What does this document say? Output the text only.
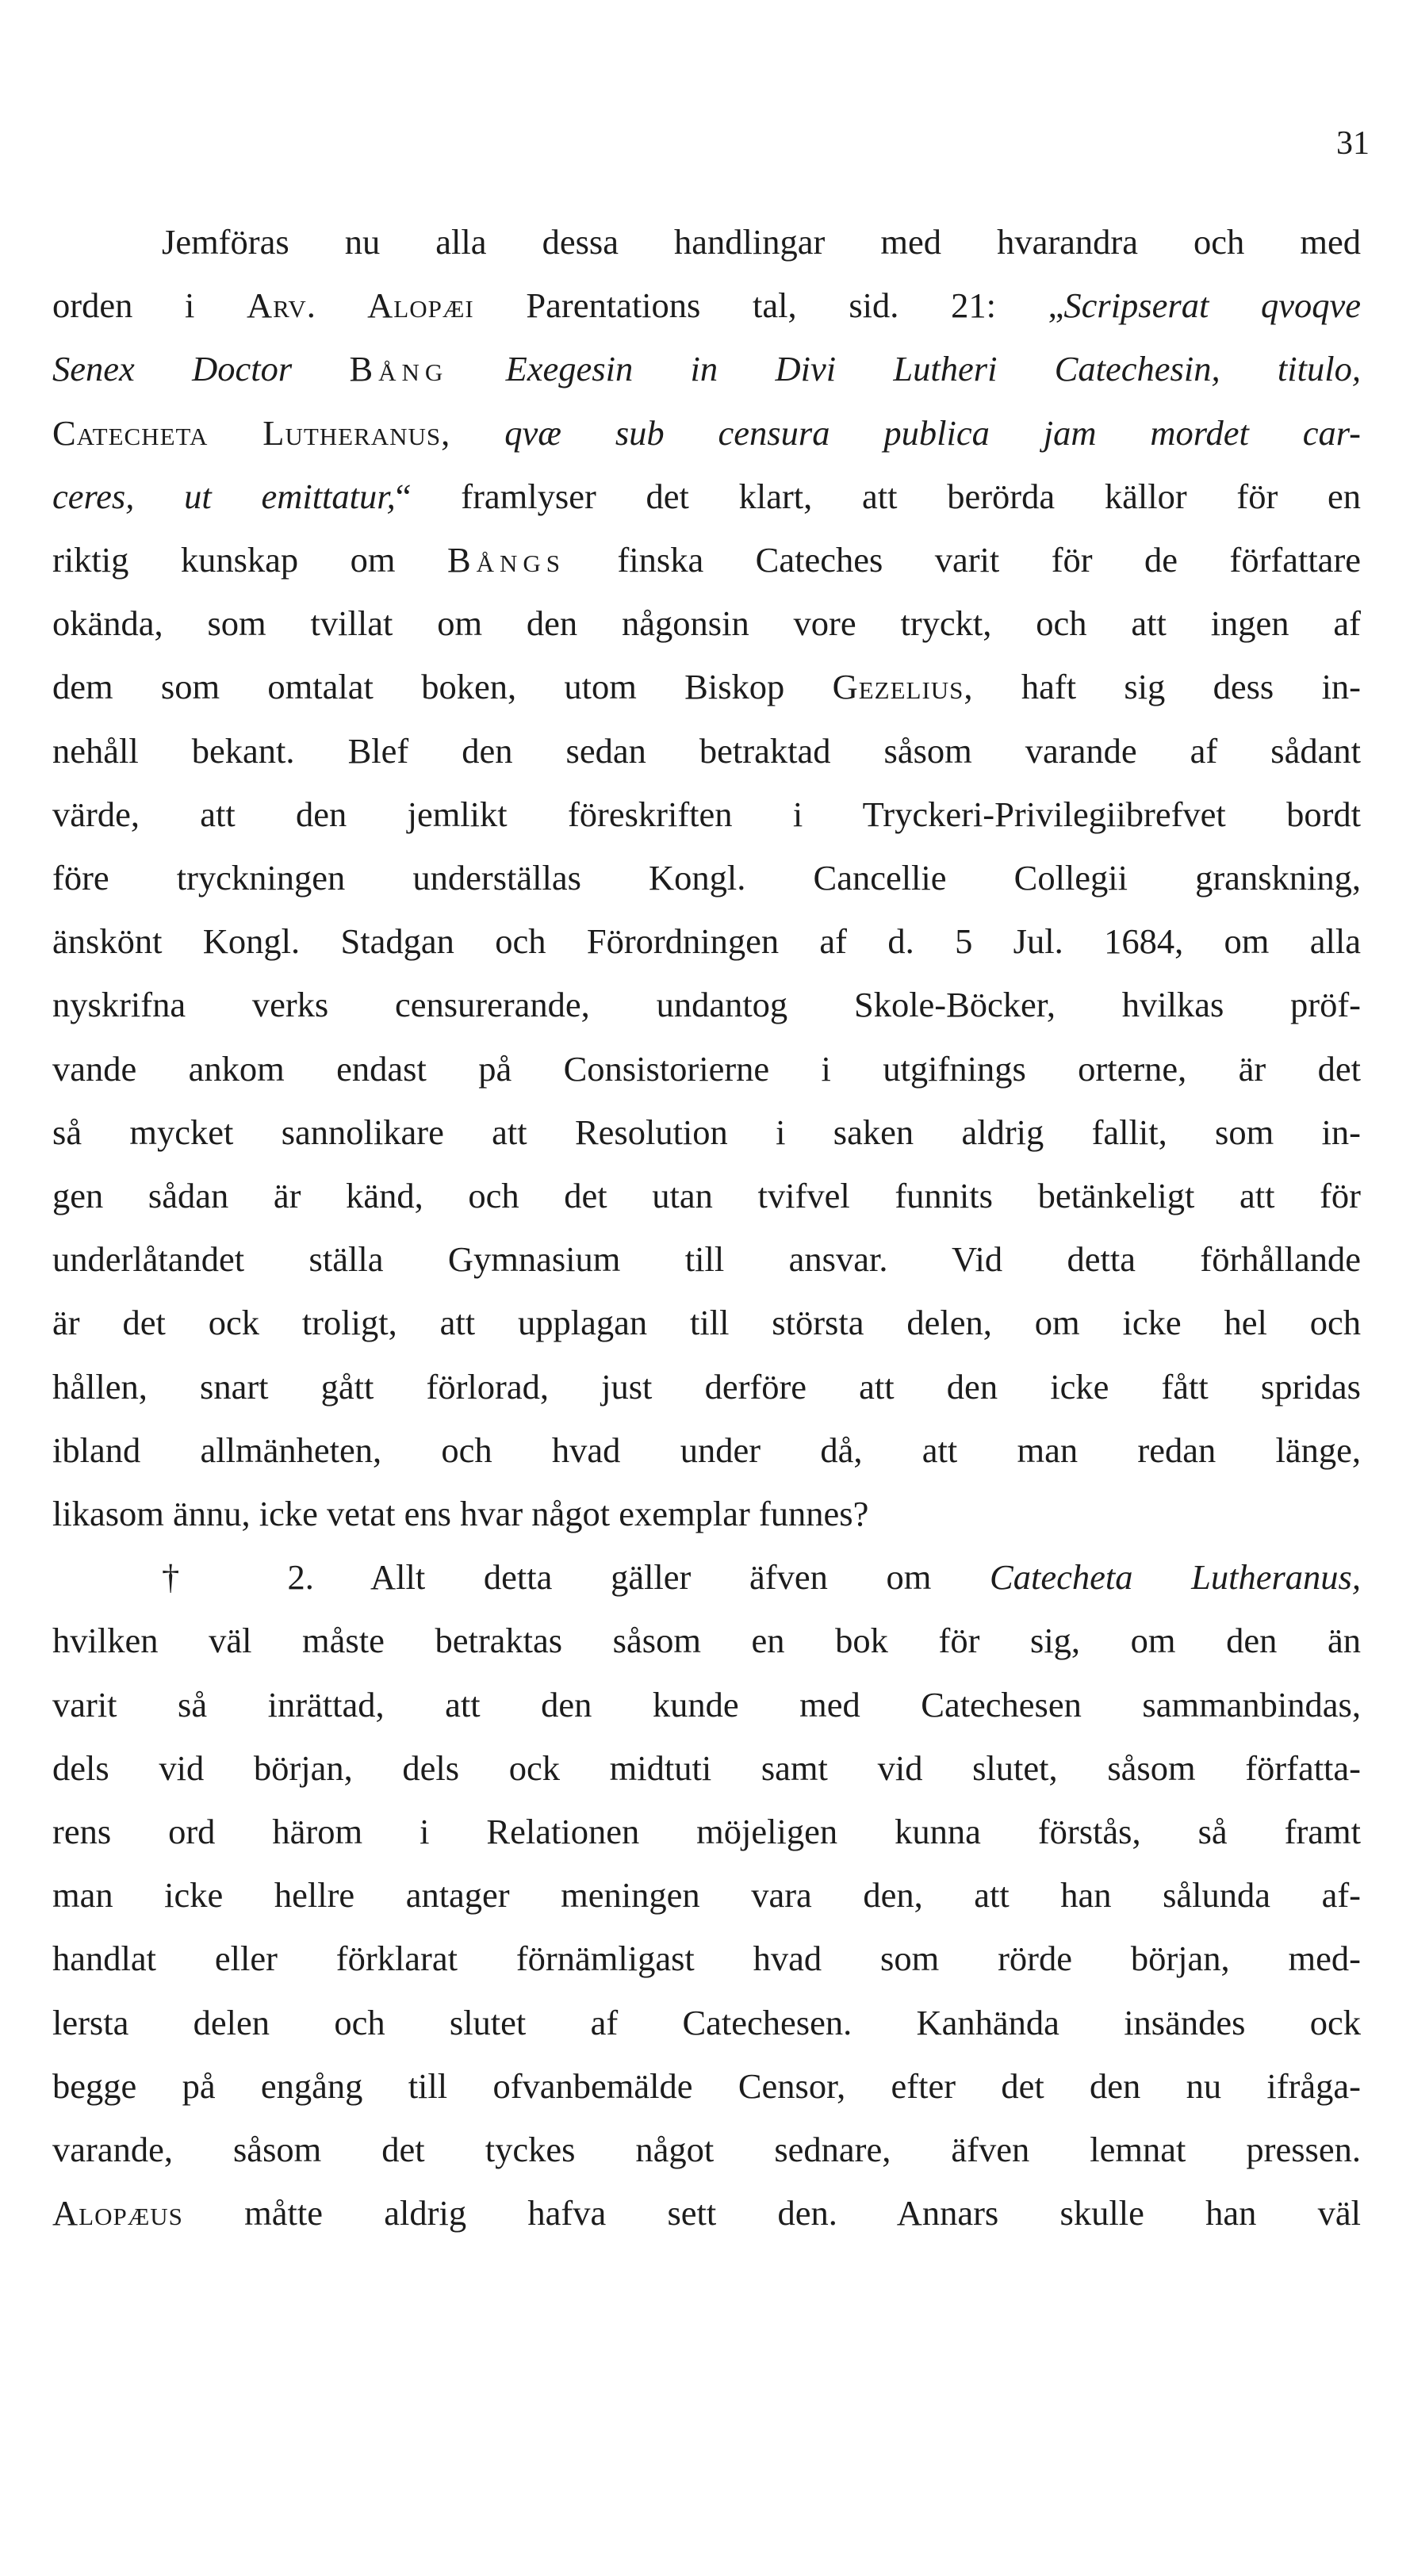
31
Jemföras nu alla dessa handlingar med hvarandra och med
orden i Arv. Alopæi Parentations tal, sid. 21: „Scripserat qvoqve
Senex Doctor Bång Exegesin in Divi Lutheri Catechesin, titulo,
Catecheta Lutheranus, qvæ sub censura publica jam mordet car-
ceres, ut emittatur,“ framlyser det klart, att berörda källor för en
riktig kunskap om Bångs finska Cateches varit för de författare
okända, som tvillat om den någonsin vore tryckt, och att ingen af
dem som omtalat boken, utom Biskop Gezelius, haft sig dess in-
nehåll bekant. Blef den sedan betraktad såsom varande af sådant
värde, att den jemlikt föreskriften i Tryckeri-Privilegiibrefvet bordt
före tryckningen underställas Kongl. Cancellie Collegii granskning,
änskönt Kongl. Stadgan och Förordningen af d. 5 Jul. 1684, om alla
nyskrifna verks censurerande, undantog Skole-Böcker, hvilkas pröf-
vande ankom endast på Consistorierne i utgifnings orterne, är det
så mycket sannolikare att Resolution i saken aldrig fallit, som in-
gen sådan är känd, och det utan tvifvel funnits betänkeligt att för
underlåtandet ställa Gymnasium till ansvar. Vid detta förhållande
är det ock troligt, att upplagan till största delen, om icke hel och
hållen, snart gått förlorad, just derföre att den icke fått spridas
ibland allmänheten, och hvad under då, att man redan länge,
likasom ännu, icke vetat ens hvar något exemplar funnes?
† 2. Allt detta gäller äfven om Catecheta Lutheranus,
hvilken väl måste betraktas såsom en bok för sig, om den än
varit så inrättad, att den kunde med Catechesen sammanbindas,
dels vid början, dels ock midtuti samt vid slutet, såsom författa-
rens ord härom i Relationen möjeligen kunna förstås, så framt
man icke hellre antager meningen vara den, att han sålunda af-
handlat eller förklarat förnämligast hvad som rörde början, med-
lersta delen och slutet af Catechesen. Kanhända insändes ock
begge på engång till ofvanbemälde Censor, efter det den nu ifråga-
varande, såsom det tyckes något sednare, äfven lemnat pressen.
Alopæus måtte aldrig hafva sett den. Annars skulle han väl
